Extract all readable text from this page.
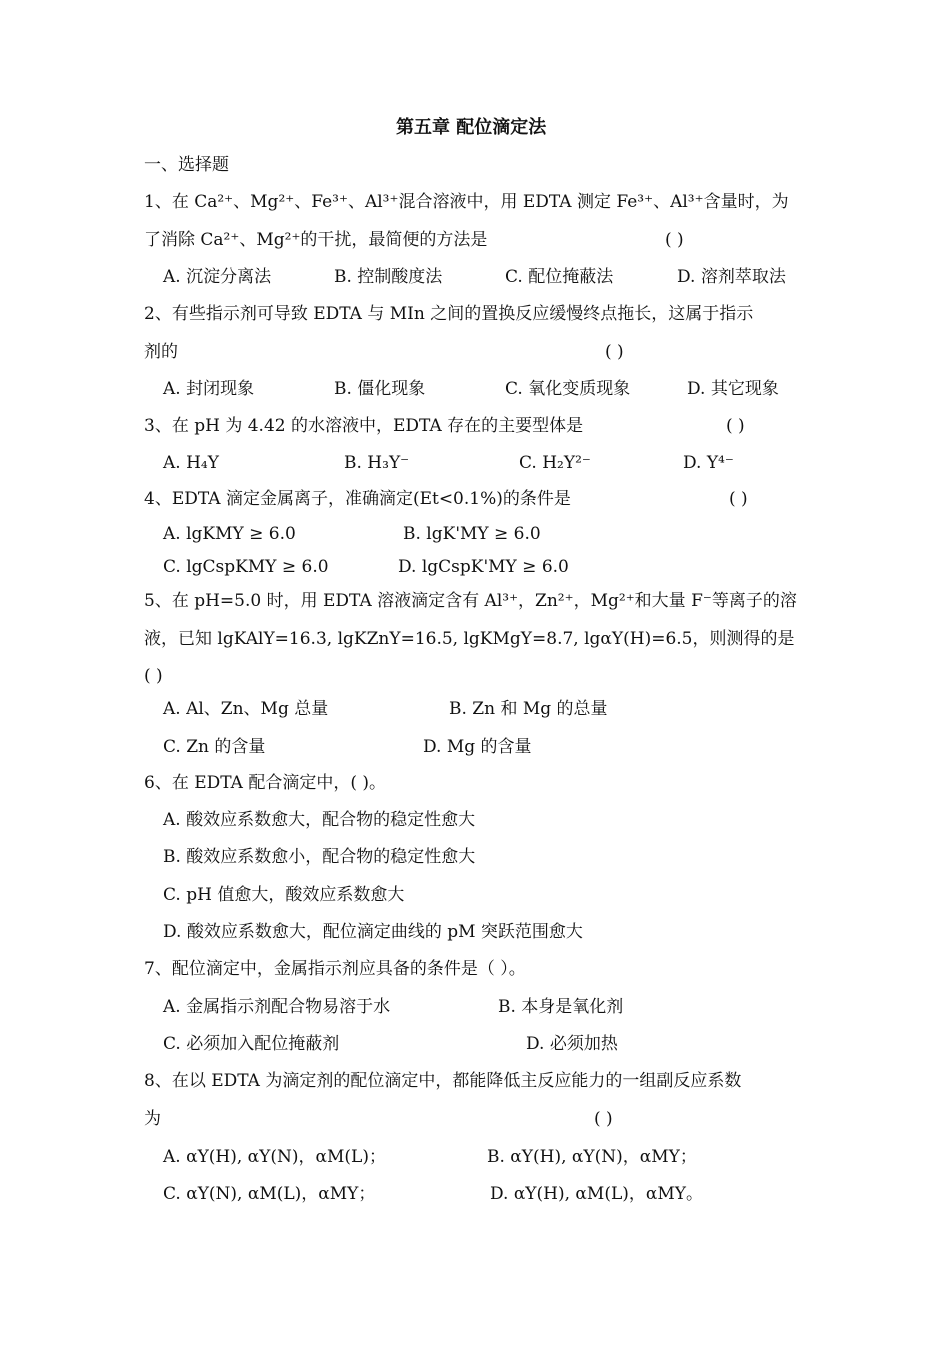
第五章 配位滴定法
一、选择题
1、在 Ca²⁺、Mg²⁺、Fe³⁺、Al³⁺混合溶液中，用 EDTA 测定 Fe³⁺、Al³⁺含量时，为
了消除 Ca²⁺、Mg²⁺的干扰，最简便的方法是	( )
A. 沉淀分离法	B. 控制酸度法	C. 配位掩蔽法	D. 溶剂萃取法
2、有些指示剂可导致 EDTA 与 MIn 之间的置换反应缓慢终点拖长，这属于指示
剂的	( )
A. 封闭现象	B. 僵化现象	C. 氧化变质现象	D. 其它现象
3、在 pH 为 4.42 的水溶液中，EDTA 存在的主要型体是	( )
A. H₄Y	B. H₃Y⁻	C. H₂Y²⁻	D. Y⁴⁻
4、EDTA 滴定金属离子，准确滴定(Et<0.1%)的条件是	( )
A. lgKMY ≥ 6.0	B. lgK'MY ≥ 6.0
C. lgCspKMY ≥ 6.0	D. lgCspK'MY ≥ 6.0
5、在 pH=5.0 时，用 EDTA 溶液滴定含有 Al³⁺，Zn²⁺，Mg²⁺和大量 F⁻等离子的溶
液，已知 lgKAlY=16.3, lgKZnY=16.5, lgKMgY=8.7, lgαY(H)=6.5，则测得的是
( )
A. Al、Zn、Mg 总量	B. Zn 和 Mg 的总量
C. Zn 的含量	D. Mg 的含量
6、在 EDTA 配合滴定中，( )。
A. 酸效应系数愈大，配合物的稳定性愈大
B. 酸效应系数愈小，配合物的稳定性愈大
C. pH 值愈大，酸效应系数愈大
D. 酸效应系数愈大，配位滴定曲线的 pM 突跃范围愈大
7、配位滴定中，金属指示剂应具备的条件是（ ）。
A. 金属指示剂配合物易溶于水	B. 本身是氧化剂
C. 必须加入配位掩蔽剂	D. 必须加热
8、在以 EDTA 为滴定剂的配位滴定中，都能降低主反应能力的一组副反应系数
为	( )
A. αY(H), αY(N)，αM(L)；	B. αY(H), αY(N)，αMY；
C. αY(N), αM(L)，αMY；	D. αY(H), αM(L)，αMY。
